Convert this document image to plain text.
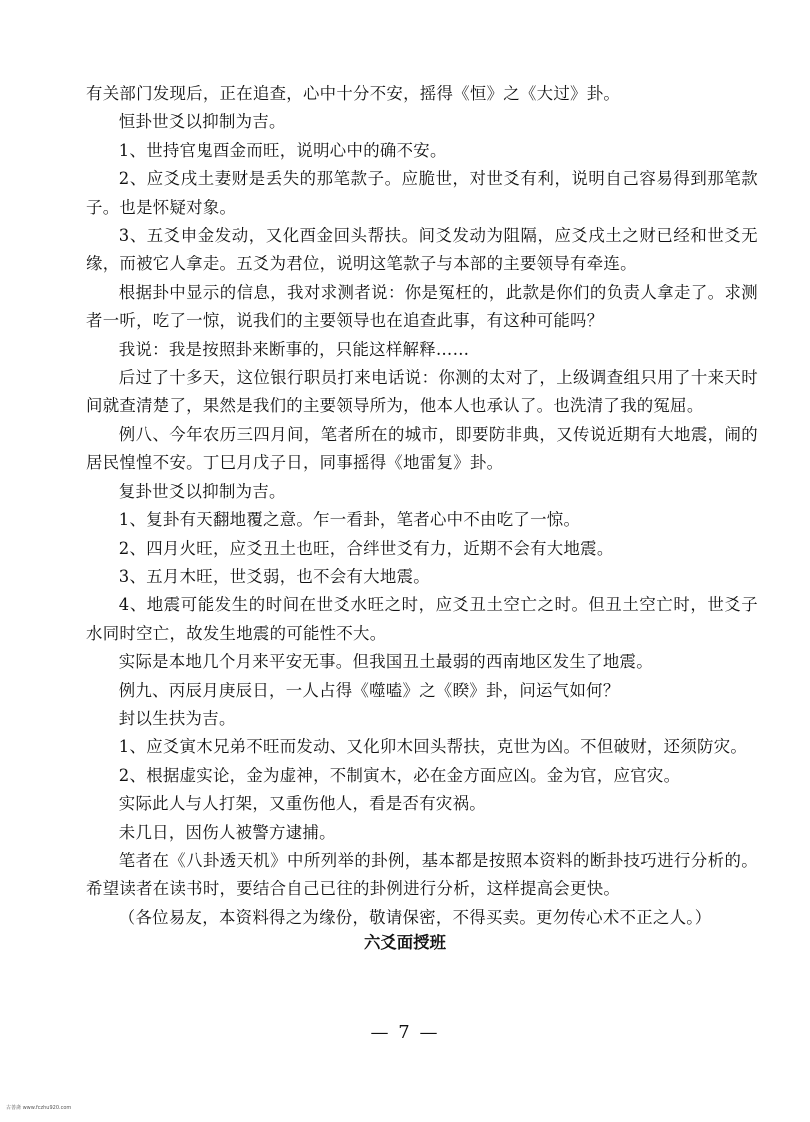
有关部门发现后，正在追查，心中十分不安，摇得《恒》之《大过》卦。

恒卦世爻以抑制为吉。

1、世持官鬼酉金而旺，说明心中的确不安。

2、应爻戌土妻财是丢失的那笔款子。应脆世，对世爻有利，说明自己容易得到那笔款子。也是怀疑对象。

3、五爻申金发动，又化酉金回头帮扶。间爻发动为阻隔，应爻戌土之财已经和世爻无缘，而被它人拿走。五爻为君位，说明这笔款子与本部的主要领导有牵连。

根据卦中显示的信息，我对求测者说：你是冤枉的，此款是你们的负责人拿走了。求测者一听，吃了一惊，说我们的主要领导也在追查此事，有这种可能吗？

我说：我是按照卦来断事的，只能这样解释……

后过了十多天，这位银行职员打来电话说：你测的太对了，上级调查组只用了十来天时间就查清楚了，果然是我们的主要领导所为，他本人也承认了。也洗清了我的冤屈。

例八、今年农历三四月间，笔者所在的城市，即要防非典，又传说近期有大地震，闹的居民惶惶不安。丁巳月戊子日，同事摇得《地雷复》卦。

复卦世爻以抑制为吉。

1、复卦有天翻地覆之意。乍一看卦，笔者心中不由吃了一惊。

2、四月火旺，应爻丑土也旺，合绊世爻有力，近期不会有大地震。

3、五月木旺，世爻弱，也不会有大地震。

4、地震可能发生的时间在世爻水旺之时，应爻丑土空亡之时。但丑土空亡时，世爻子水同时空亡，故发生地震的可能性不大。

实际是本地几个月来平安无事。但我国丑土最弱的西南地区发生了地震。

例九、丙辰月庚辰日，一人占得《噬嗑》之《睽》卦，问运气如何？

封以生扶为吉。

1、应爻寅木兄弟不旺而发动、又化卯木回头帮扶，克世为凶。不但破财，还须防灾。

2、根据虚实论，金为虚神，不制寅木，必在金方面应凶。金为官，应官灾。

实际此人与人打架，又重伤他人，看是否有灾祸。

未几日，因伤人被警方逮捕。

笔者在《八卦透天机》中所列举的卦例，基本都是按照本资料的断卦技巧进行分析的。希望读者在读书时，要结合自己已往的卦例进行分析，这样提高会更快。

（各位易友，本资料得之为缘份，敬请保密，不得买卖。更勿传心术不正之人。）

六爻面授班
— 7 —
古善斋 www.fczhu920.com
